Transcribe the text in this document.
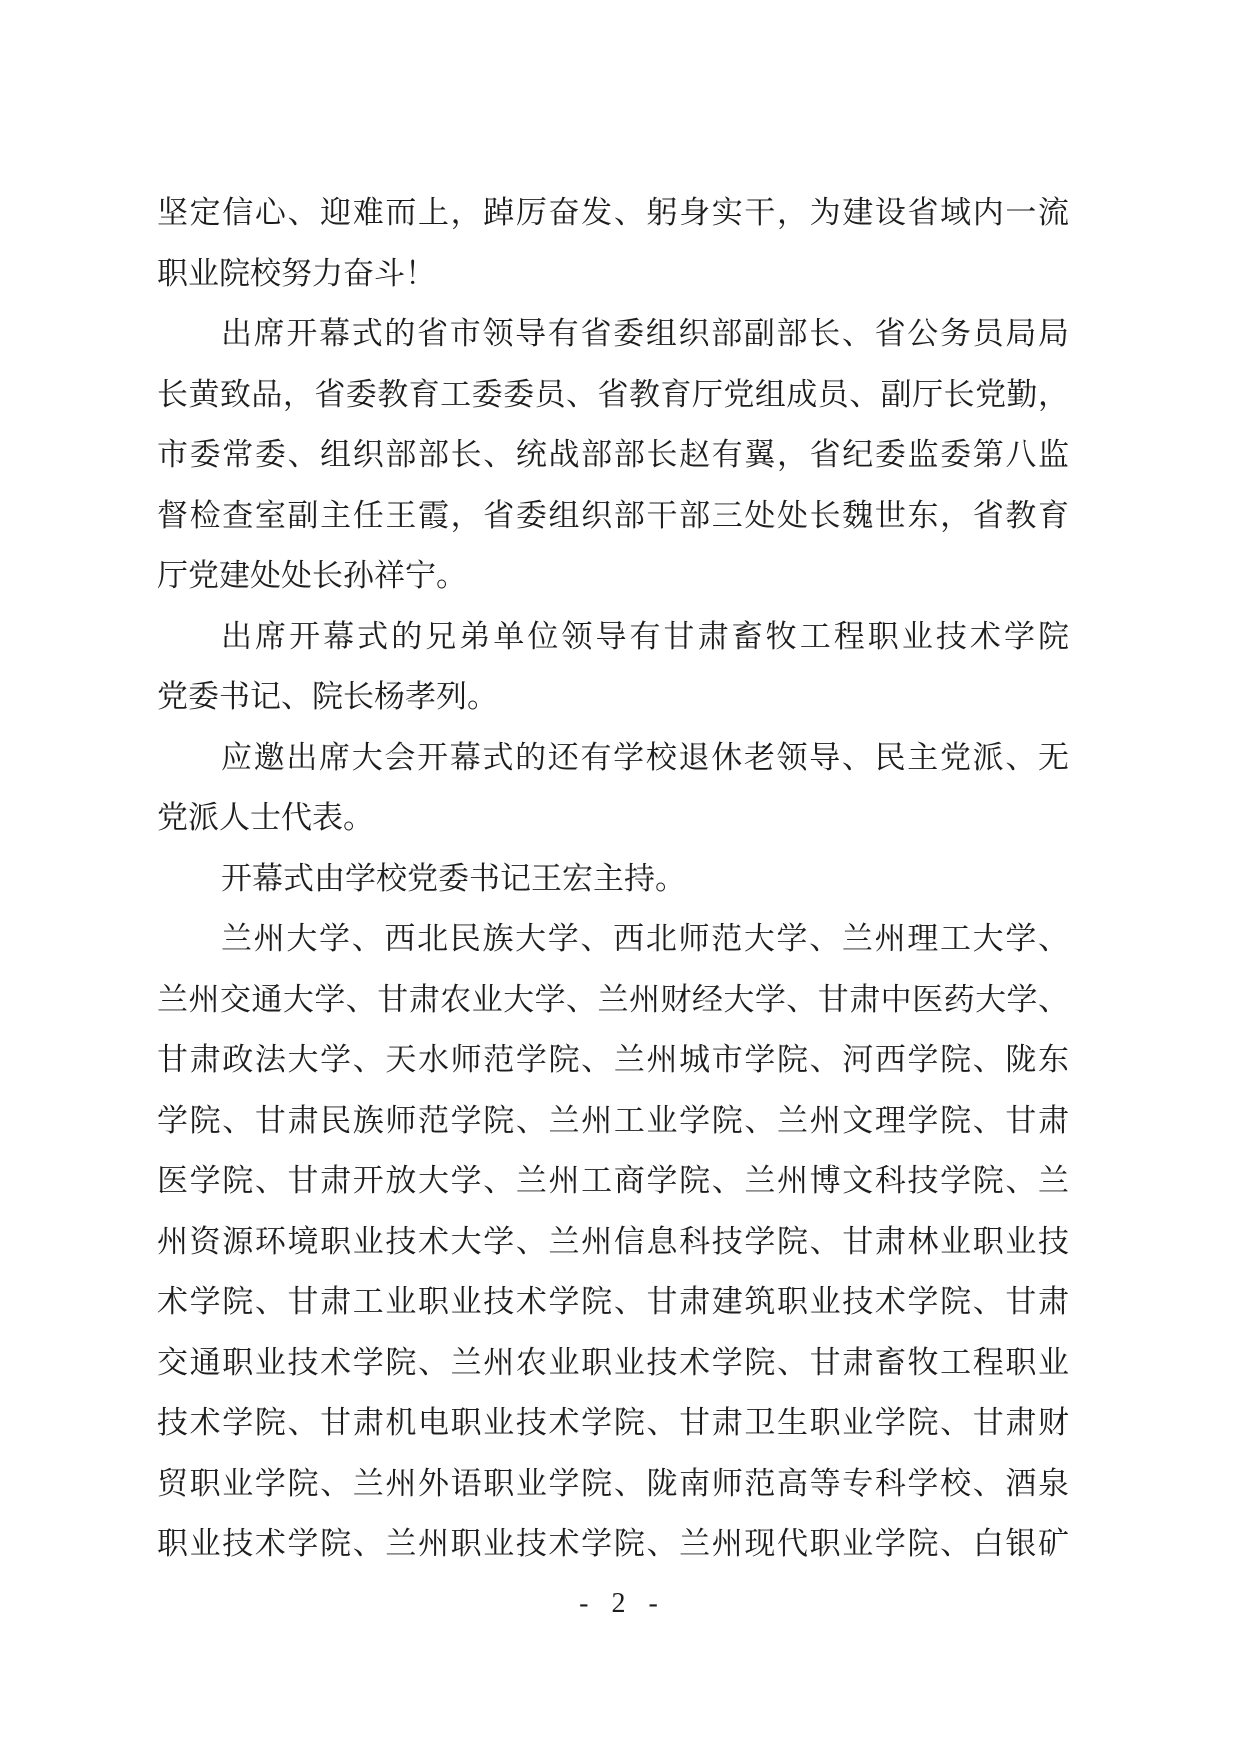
坚定信心、迎难而上，踔厉奋发、躬身实干，为建设省域内一流
职业院校努力奋斗！
出席开幕式的省市领导有省委组织部副部长、省公务员局局
长黄致品，省委教育工委委员、省教育厅党组成员、副厅长党勤，
市委常委、组织部部长、统战部部长赵有翼，省纪委监委第八监
督检查室副主任王霞，省委组织部干部三处处长魏世东，省教育
厅党建处处长孙祥宁。
出席开幕式的兄弟单位领导有甘肃畜牧工程职业技术学院
党委书记、院长杨孝列。
应邀出席大会开幕式的还有学校退休老领导、民主党派、无
党派人士代表。
开幕式由学校党委书记王宏主持。
兰州大学、西北民族大学、西北师范大学、兰州理工大学、
兰州交通大学、甘肃农业大学、兰州财经大学、甘肃中医药大学、
甘肃政法大学、天水师范学院、兰州城市学院、河西学院、陇东
学院、甘肃民族师范学院、兰州工业学院、兰州文理学院、甘肃
医学院、甘肃开放大学、兰州工商学院、兰州博文科技学院、兰
州资源环境职业技术大学、兰州信息科技学院、甘肃林业职业技
术学院、甘肃工业职业技术学院、甘肃建筑职业技术学院、甘肃
交通职业技术学院、兰州农业职业技术学院、甘肃畜牧工程职业
技术学院、甘肃机电职业技术学院、甘肃卫生职业学院、甘肃财
贸职业学院、兰州外语职业学院、陇南师范高等专科学校、酒泉
职业技术学院、兰州职业技术学院、兰州现代职业学院、白银矿
- 2 -
